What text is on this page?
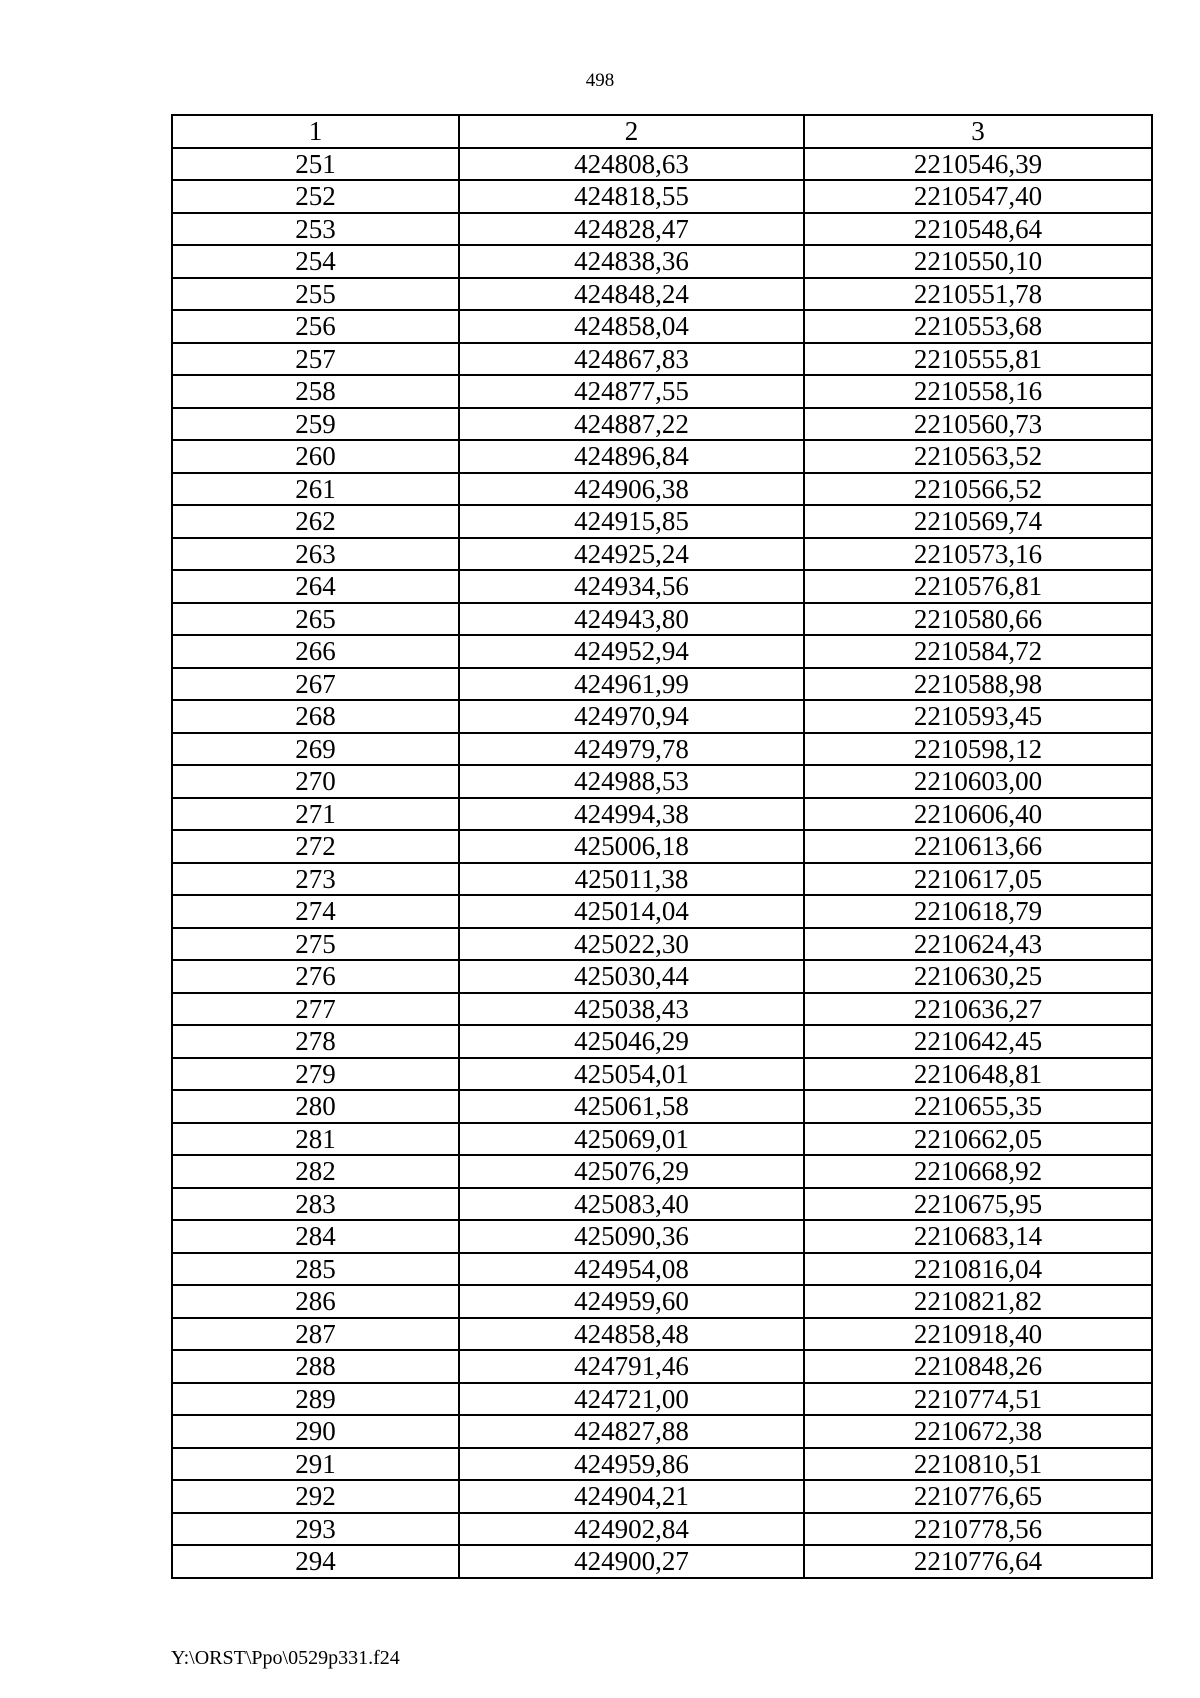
498
1	2	3
251	424808,63	2210546,39
252	424818,55	2210547,40
253	424828,47	2210548,64
254	424838,36	2210550,10
255	424848,24	2210551,78
256	424858,04	2210553,68
257	424867,83	2210555,81
258	424877,55	2210558,16
259	424887,22	2210560,73
260	424896,84	2210563,52
261	424906,38	2210566,52
262	424915,85	2210569,74
263	424925,24	2210573,16
264	424934,56	2210576,81
265	424943,80	2210580,66
266	424952,94	2210584,72
267	424961,99	2210588,98
268	424970,94	2210593,45
269	424979,78	2210598,12
270	424988,53	2210603,00
271	424994,38	2210606,40
272	425006,18	2210613,66
273	425011,38	2210617,05
274	425014,04	2210618,79
275	425022,30	2210624,43
276	425030,44	2210630,25
277	425038,43	2210636,27
278	425046,29	2210642,45
279	425054,01	2210648,81
280	425061,58	2210655,35
281	425069,01	2210662,05
282	425076,29	2210668,92
283	425083,40	2210675,95
284	425090,36	2210683,14
285	424954,08	2210816,04
286	424959,60	2210821,82
287	424858,48	2210918,40
288	424791,46	2210848,26
289	424721,00	2210774,51
290	424827,88	2210672,38
291	424959,86	2210810,51
292	424904,21	2210776,65
293	424902,84	2210778,56
294	424900,27	2210776,64
Y:\ORST\Ppo\0529p331.f24
